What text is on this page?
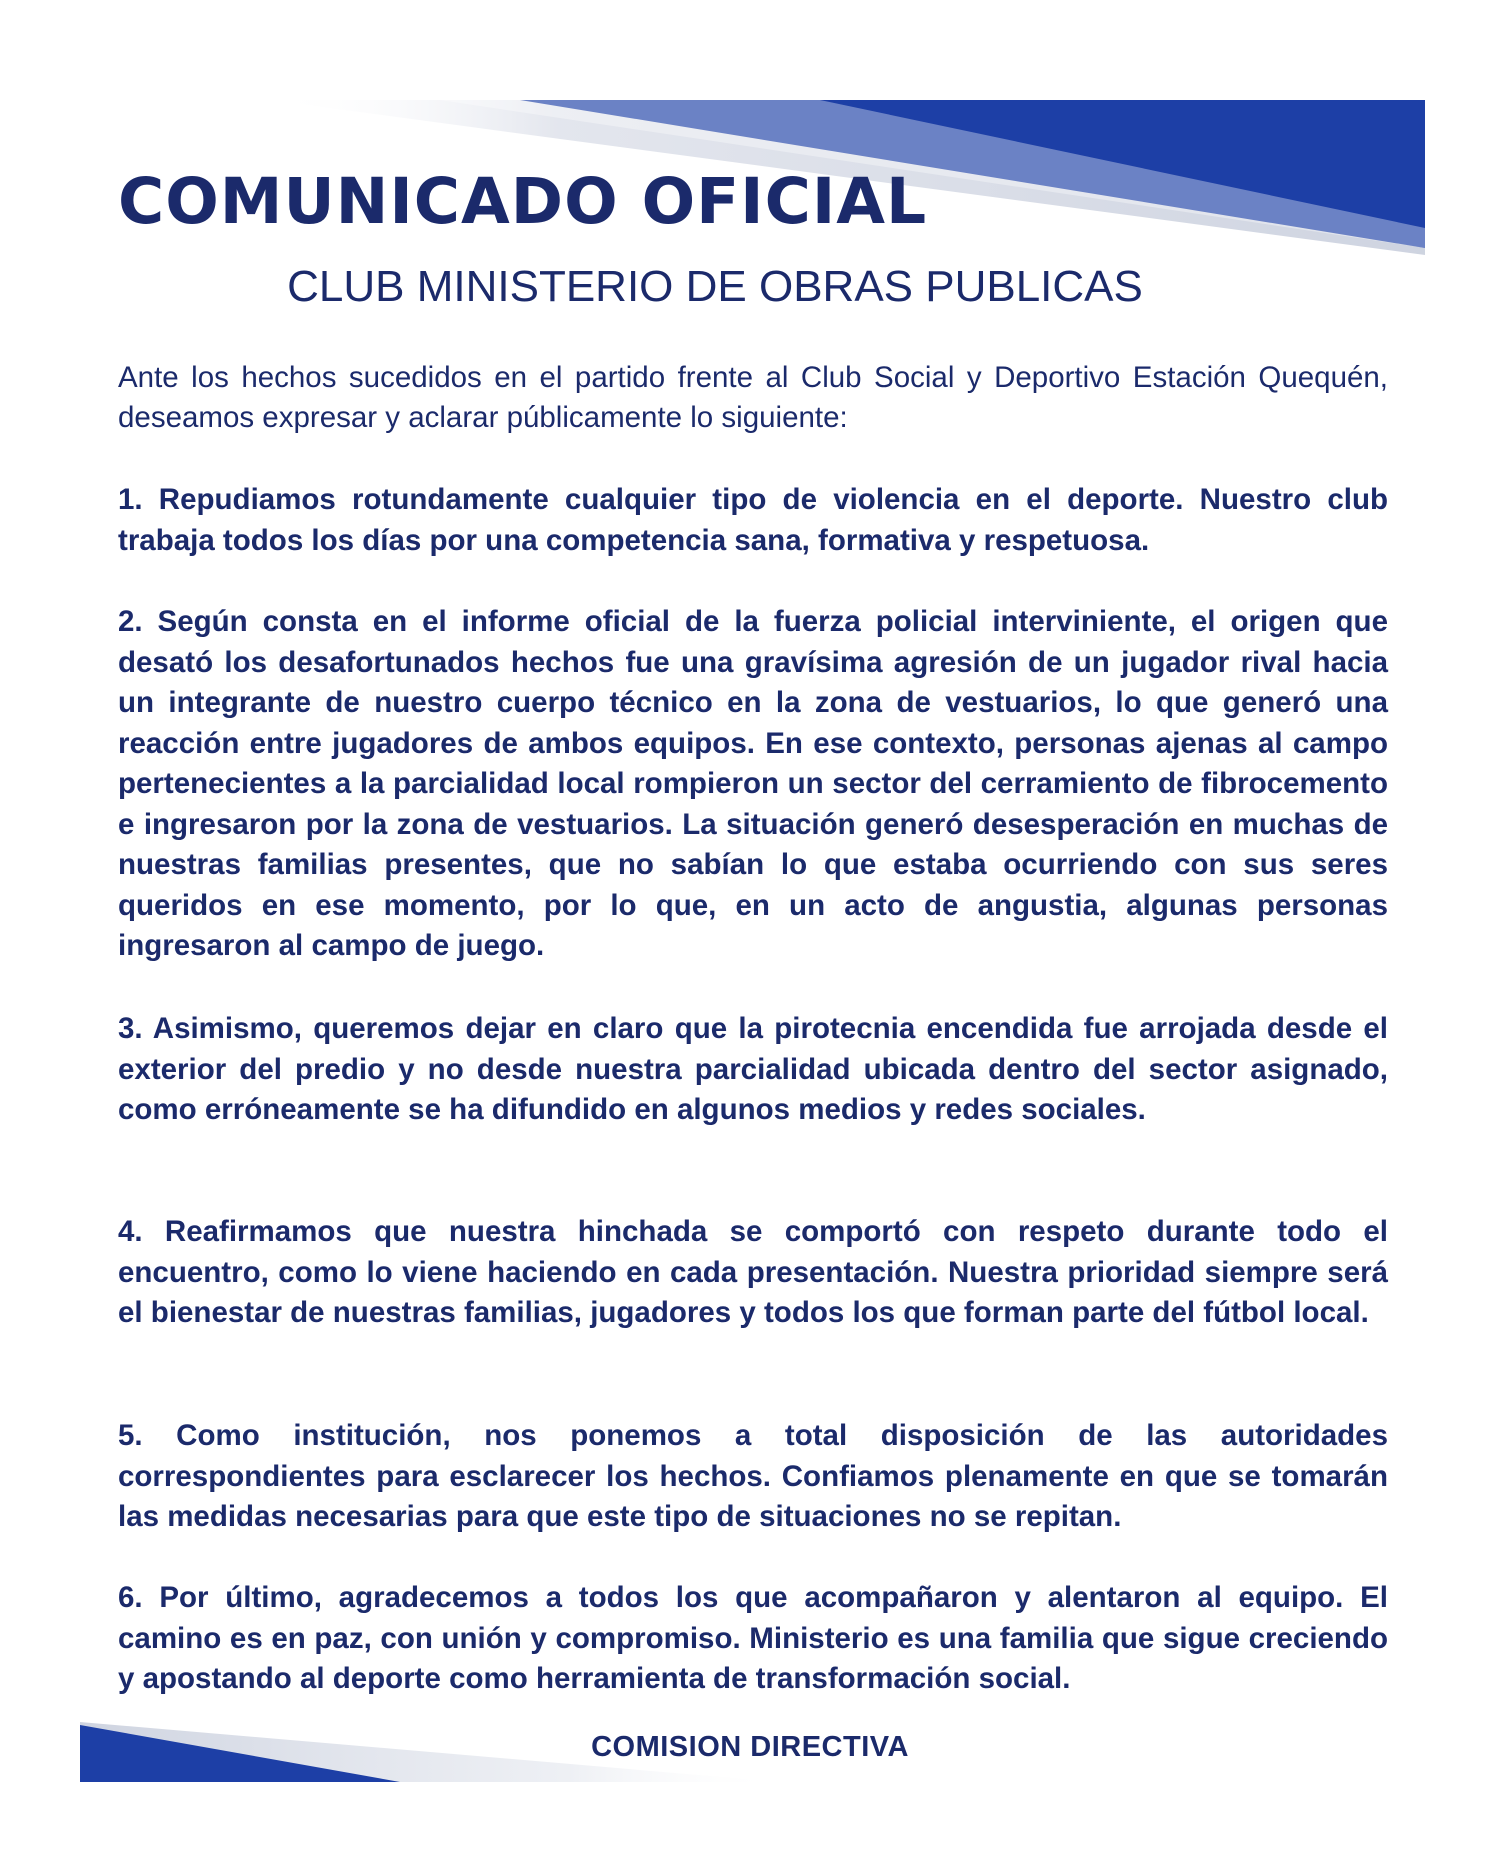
COMUNICADO OFICIAL
CLUB MINISTERIO DE OBRAS PUBLICAS

Ante los hechos sucedidos en el partido frente al Club Social y Deportivo Estación Quequén, deseamos expresar y aclarar públicamente lo siguiente:

1. Repudiamos rotundamente cualquier tipo de violencia en el deporte. Nuestro club trabaja todos los días por una competencia sana, formativa y respetuosa.

2. Según consta en el informe oficial de la fuerza policial interviniente, el origen que desató los desafortunados hechos fue una gravísima agresión de un jugador rival hacia un integrante de nuestro cuerpo técnico en la zona de vestuarios, lo que generó una reacción entre jugadores de ambos equipos. En ese contexto, personas ajenas al campo pertenecientes a la parcialidad local rompieron un sector del cerramiento de fibrocemento e ingresaron por la zona de vestuarios. La situación generó desesperación en muchas de nuestras familias presentes, que no sabían lo que estaba ocurriendo con sus seres queridos en ese momento, por lo que, en un acto de angustia, algunas personas ingresaron al campo de juego.

3. Asimismo, queremos dejar en claro que la pirotecnia encendida fue arrojada desde el exterior del predio y no desde nuestra parcialidad ubicada dentro del sector asignado, como erróneamente se ha difundido en algunos medios y redes sociales.

4. Reafirmamos que nuestra hinchada se comportó con respeto durante todo el encuentro, como lo viene haciendo en cada presentación. Nuestra prioridad siempre será el bienestar de nuestras familias, jugadores y todos los que forman parte del fútbol local.

5. Como institución, nos ponemos a total disposición de las autoridades correspondientes para esclarecer los hechos. Confiamos plenamente en que se tomarán las medidas necesarias para que este tipo de situaciones no se repitan.

6. Por último, agradecemos a todos los que acompañaron y alentaron al equipo. El camino es en paz, con unión y compromiso. Ministerio es una familia que sigue creciendo y apostando al deporte como herramienta de transformación social.

COMISION DIRECTIVA
